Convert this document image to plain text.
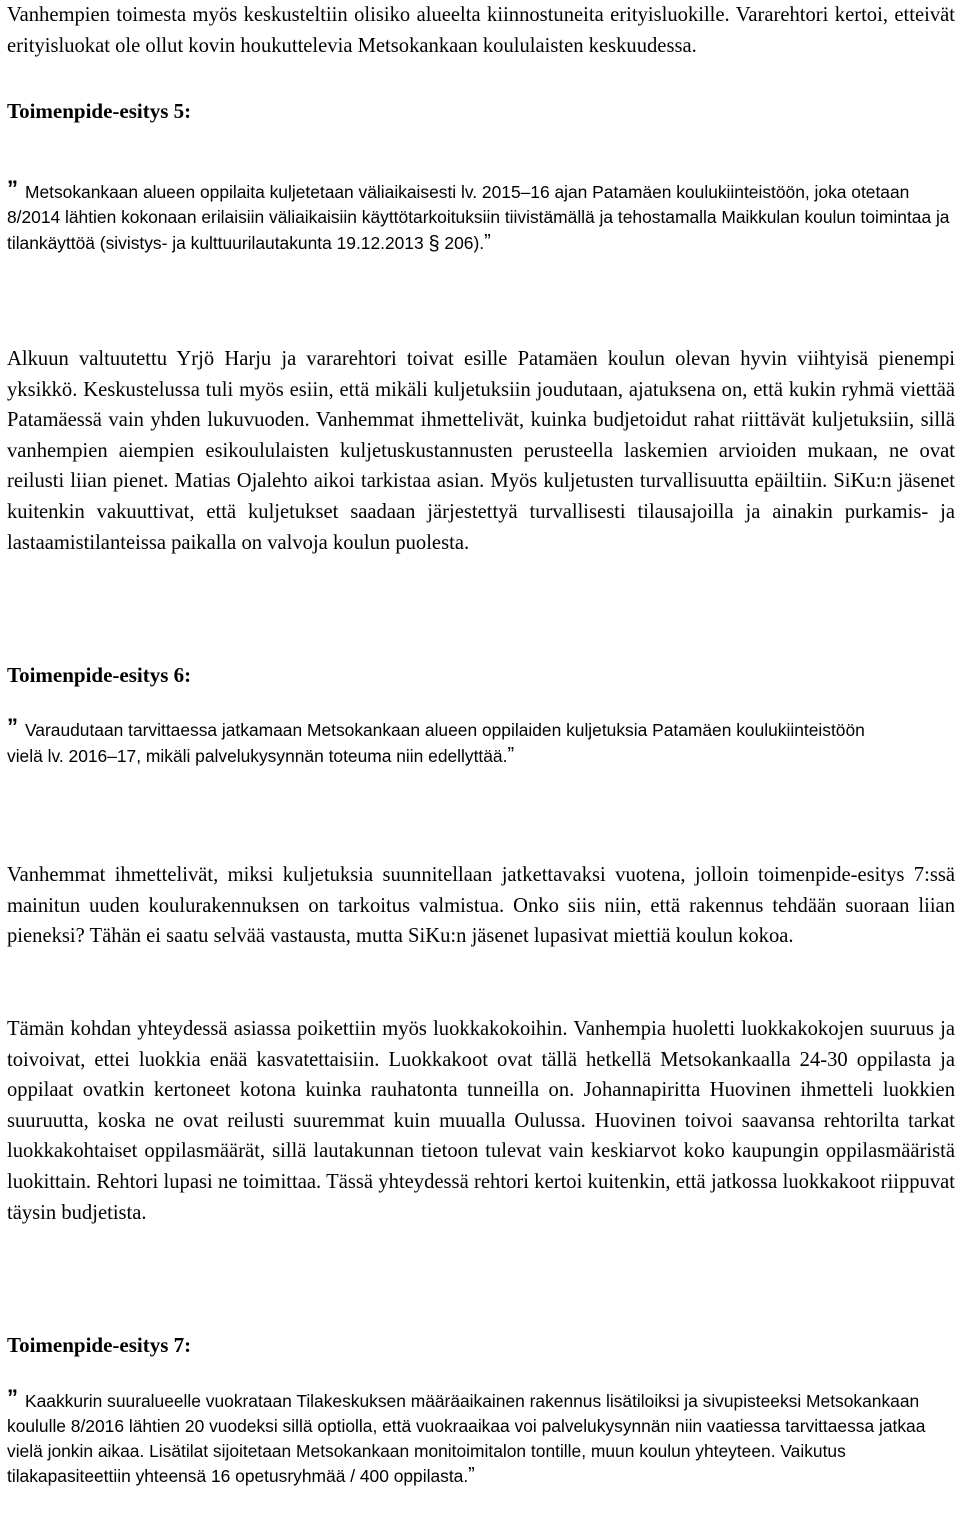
Vanhempien toimesta myös keskusteltiin olisiko alueelta kiinnostuneita erityisluokille. Vararehtori kertoi, etteivät erityisluokat ole ollut kovin houkuttelevia Metsokankaan koululaisten keskuudessa.

Toimenpide-esitys 5:

” Metsokankaan alueen oppilaita kuljetetaan väliaikaisesti lv. 2015–16 ajan Patamäen koulukiinteistöön, joka otetaan 8/2014 lähtien kokonaan erilaisiin väliaikaisiin käyttötarkoituksiin tiivistämällä ja tehostamalla Maikkulan koulun toimintaa ja tilankäyttöä (sivistys- ja kulttuurilautakunta 19.12.2013 § 206).”

Alkuun valtuutettu Yrjö Harju ja vararehtori toivat esille Patamäen koulun olevan hyvin viihtyisä pienempi yksikkö. Keskustelussa tuli myös esiin, että mikäli kuljetuksiin joudutaan, ajatuksena on, että kukin ryhmä viettää Patamäessä vain yhden lukuvuoden. Vanhemmat ihmettelivät, kuinka budjetoidut rahat riittävät kuljetuksiin, sillä vanhempien aiempien esikoululaisten kuljetuskustannusten perusteella laskemien arvioiden mukaan, ne ovat reilusti liian pienet. Matias Ojalehto aikoi tarkistaa asian. Myös kuljetusten turvallisuutta epäiltiin. SiKu:n jäsenet kuitenkin vakuuttivat, että kuljetukset saadaan järjestettyä turvallisesti tilausajoilla ja ainakin purkamis- ja lastaamistilanteissa paikalla on valvoja koulun puolesta.

Toimenpide-esitys 6:

” Varaudutaan tarvittaessa jatkamaan Metsokankaan alueen oppilaiden kuljetuksia Patamäen koulukiinteistöön vielä lv. 2016–17, mikäli palvelukysynnän toteuma niin edellyttää.”

Vanhemmat ihmettelivät, miksi kuljetuksia suunnitellaan jatkettavaksi vuotena, jolloin toimenpide-esitys 7:ssä mainitun uuden koulurakennuksen on tarkoitus valmistua. Onko siis niin, että rakennus tehdään suoraan liian pieneksi? Tähän ei saatu selvää vastausta, mutta SiKu:n jäsenet lupasivat miettiä koulun kokoa.

Tämän kohdan yhteydessä asiassa poikettiin myös luokkakokoihin. Vanhempia huoletti luokkakokojen suuruus ja toivoivat, ettei luokkia enää kasvatettaisiin. Luokkakoot ovat tällä hetkellä Metsokankaalla 24-30 oppilasta ja oppilaat ovatkin kertoneet kotona kuinka rauhatonta tunneilla on. Johannapiritta Huovinen ihmetteli luokkien suuruutta, koska ne ovat reilusti suuremmat kuin muualla Oulussa. Huovinen toivoi saavansa rehtorilta tarkat luokkakohtaiset oppilasmäärät, sillä lautakunnan tietoon tulevat vain keskiarvot koko kaupungin oppilasmääristä luokittain. Rehtori lupasi ne toimittaa. Tässä yhteydessä rehtori kertoi kuitenkin, että jatkossa luokkakoot riippuvat täysin budjetista.

Toimenpide-esitys 7:

” Kaakkurin suuralueelle vuokrataan Tilakeskuksen määräaikainen rakennus lisätiloiksi ja sivupisteeksi Metsokankaan koululle 8/2016 lähtien 20 vuodeksi sillä optiolla, että vuokraaikaa voi palvelukysynnän niin vaatiessa tarvittaessa jatkaa vielä jonkin aikaa. Lisätilat sijoitetaan Metsokankaan monitoimitalon tontille, muun koulun yhteyteen. Vaikutus tilakapasiteettiin yhteensä 16 opetusryhmää / 400 oppilasta.”
